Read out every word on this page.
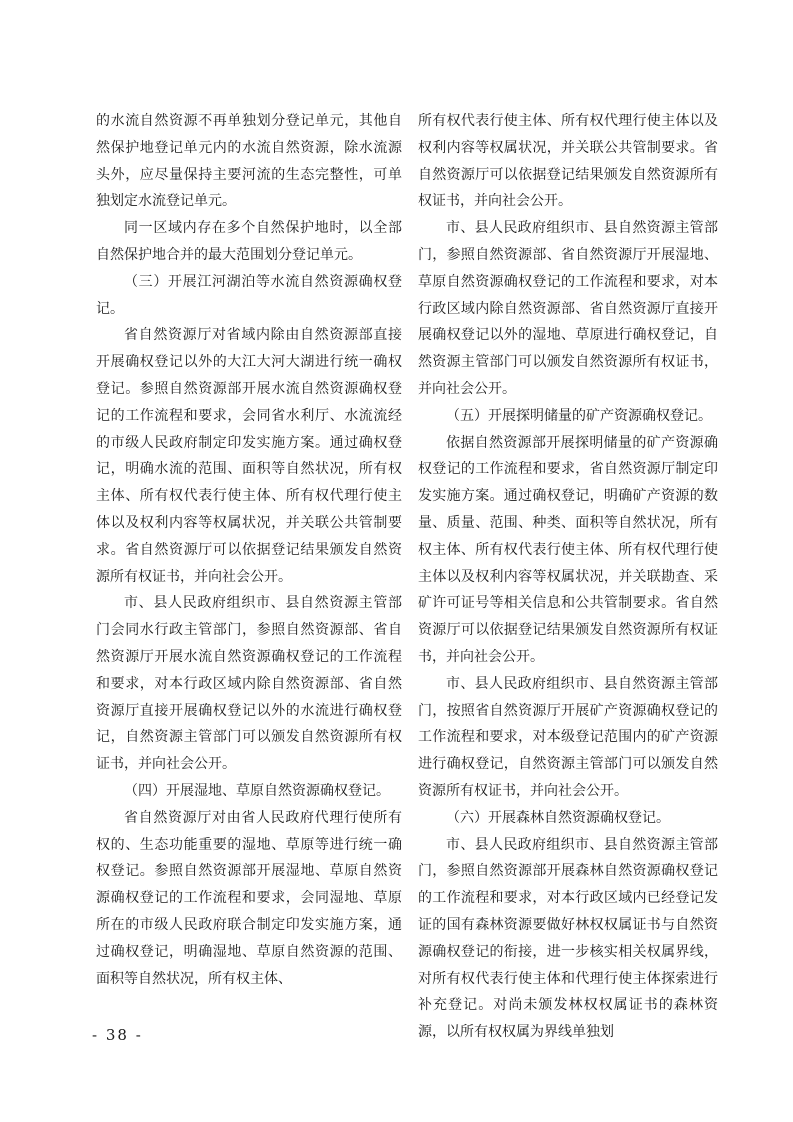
的水流自然资源不再单独划分登记单元，其他自然保护地登记单元内的水流自然资源，除水流源头外，应尽量保持主要河流的生态完整性，可单独划定水流登记单元。

同一区域内存在多个自然保护地时，以全部自然保护地合并的最大范围划分登记单元。

（三）开展江河湖泊等水流自然资源确权登记。

省自然资源厅对省域内除由自然资源部直接开展确权登记以外的大江大河大湖进行统一确权登记。参照自然资源部开展水流自然资源确权登记的工作流程和要求，会同省水利厅、水流流经的市级人民政府制定印发实施方案。通过确权登记，明确水流的范围、面积等自然状况，所有权主体、所有权代表行使主体、所有权代理行使主体以及权利内容等权属状况，并关联公共管制要求。省自然资源厅可以依据登记结果颁发自然资源所有权证书，并向社会公开。

市、县人民政府组织市、县自然资源主管部门会同水行政主管部门，参照自然资源部、省自然资源厅开展水流自然资源确权登记的工作流程和要求，对本行政区域内除自然资源部、省自然资源厅直接开展确权登记以外的水流进行确权登记，自然资源主管部门可以颁发自然资源所有权证书，并向社会公开。

（四）开展湿地、草原自然资源确权登记。

省自然资源厅对由省人民政府代理行使所有权的、生态功能重要的湿地、草原等进行统一确权登记。参照自然资源部开展湿地、草原自然资源确权登记的工作流程和要求，会同湿地、草原所在的市级人民政府联合制定印发实施方案，通过确权登记，明确湿地、草原自然资源的范围、面积等自然状况，所有权主体、

所有权代表行使主体、所有权代理行使主体以及权利内容等权属状况，并关联公共管制要求。省自然资源厅可以依据登记结果颁发自然资源所有权证书，并向社会公开。

市、县人民政府组织市、县自然资源主管部门，参照自然资源部、省自然资源厅开展湿地、草原自然资源确权登记的工作流程和要求，对本行政区域内除自然资源部、省自然资源厅直接开展确权登记以外的湿地、草原进行确权登记，自然资源主管部门可以颁发自然资源所有权证书，并向社会公开。

（五）开展探明储量的矿产资源确权登记。

依据自然资源部开展探明储量的矿产资源确权登记的工作流程和要求，省自然资源厅制定印发实施方案。通过确权登记，明确矿产资源的数量、质量、范围、种类、面积等自然状况，所有权主体、所有权代表行使主体、所有权代理行使主体以及权利内容等权属状况，并关联勘查、采矿许可证号等相关信息和公共管制要求。省自然资源厅可以依据登记结果颁发自然资源所有权证书，并向社会公开。

市、县人民政府组织市、县自然资源主管部门，按照省自然资源厅开展矿产资源确权登记的工作流程和要求，对本级登记范围内的矿产资源进行确权登记，自然资源主管部门可以颁发自然资源所有权证书，并向社会公开。

（六）开展森林自然资源确权登记。

市、县人民政府组织市、县自然资源主管部门，参照自然资源部开展森林自然资源确权登记的工作流程和要求，对本行政区域内已经登记发证的国有森林资源要做好林权权属证书与自然资源确权登记的衔接，进一步核实相关权属界线，对所有权代表行使主体和代理行使主体探索进行补充登记。对尚未颁发林权权属证书的森林资源，以所有权权属为界线单独划

- 38 -
